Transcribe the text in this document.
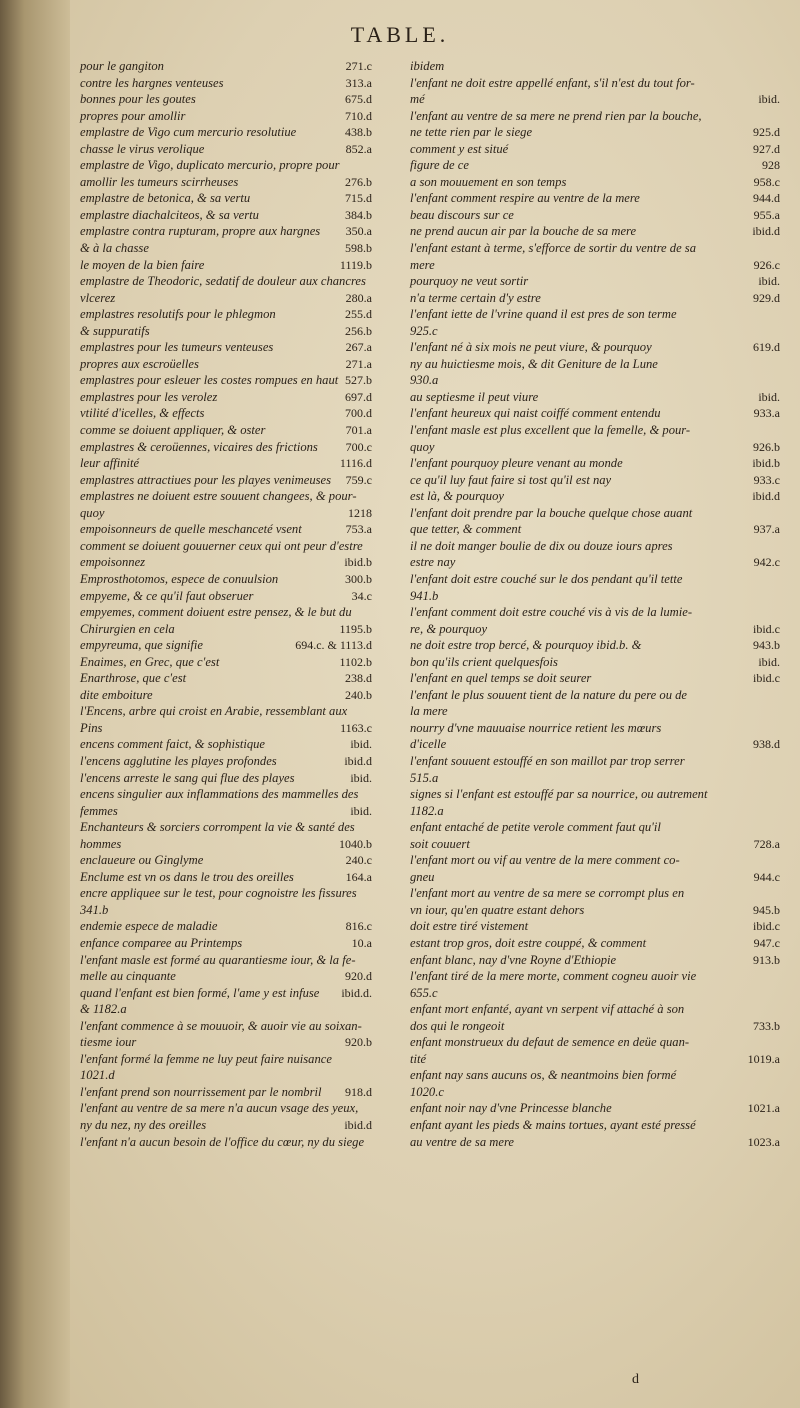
TABLE.
pour le gangiton	271.c
contre les hargnes venteuses	313.a
bonnes pour les goutes	675.d
propres pour amollir	710.d
emplastre de Vigo cum mercurio resolutiue	438.b
chasse le virus verolique	852.a
emplastre de Vigo, duplicato mercurio, propre pour
amollir les tumeurs scirrheuses	276.b
emplastre de betonica, & sa vertu	715.d
emplastre diachalciteos, & sa vertu	384.b
emplastre contra rupturam, propre aux hargnes 350.a
& à la chasse	598.b
le moyen de la bien faire	1119.b
emplastre de Theodoric, sedatif de douleur aux chancres
vlcerez	280.a
emplastres resolutifs pour le phlegmon	255.d
& suppuratifs	256.b
emplastres pour les tumeurs venteuses	267.a
propres aux escroüelles	271.a
emplastres pour esleuer les costes rompues en haut 527.b
emplastres pour les verolez	697.d
vtilité d'icelles, & effects	700.d
comme se doiuent appliquer, & oster	701.a
emplastres & ceroüennes, vicaires des frictions 700.c
leur affinité	1116.d
emplastres attractiues pour les playes venimeuses 759.c
emplastres ne doiuent estre souuent changees, & pour-
quoy	1218
empoisonneurs de quelle meschanceté vsent	753.a
comment se doiuent gouuerner ceux qui ont peur d'estre
empoisonnez	ibid.b
Emprosthotomos, espece de conuulsion	300.b
empyeme, & ce qu'il faut obseruer	34.c
empyemes, comment doiuent estre pensez, & le but du
Chirurgien en cela	1195.b
empyreuma, que signifie	694.c. & 1113.d
Enaimes, en Grec, que c'est	1102.b
Enarthrose, que c'est	238.d
dite emboiture	240.b
l'Encens, arbre qui croist en Arabie, ressemblant aux
Pins	1163.c
encens comment faict, & sophistique	ibid.
l'encens agglutine les playes profondes	ibid.d
l'encens arreste le sang qui flue des playes	ibid.
encens singulier aux inflammations des mammelles des
femmes	ibid.
Enchanteurs & sorciers corrompent la vie & santé des
hommes	1040.b
enclaueure ou Ginglyme	240.c
Enclume est vn os dans le trou des oreilles	164.a
encre appliquee sur le test, pour cognoistre les fissures
341.b
endemie espece de maladie	816.c
enfance comparee au Printemps	10.a
l'enfant masle est formé au quarantiesme iour, & la fe-
melle au cinquante	920.d
quand l'enfant est bien formé, l'ame y est infuse ibid.d.
& 1182.a
l'enfant commence à se mouuoir, & auoir vie au soixan-
tiesme iour	920.b
l'enfant formé la femme ne luy peut faire nuisance
1021.d
l'enfant prend son nourrissement par le nombril 918.d
l'enfant au ventre de sa mere n'a aucun vsage des yeux,
ny du nez, ny des oreilles	ibid.d
l'enfant n'a aucun besoin de l'office du cœur, ny du siege
ibidem
l'enfant ne doit estre appellé enfant, s'il n'est du tout for-
mé	ibid.
l'enfant au ventre de sa mere ne prend rien par la bouche,
ne tette rien par le siege	925.d
comment y est situé	927.d
figure de ce	928
a son mouuement en son temps	958.c
l'enfant comment respire au ventre de la mere	944.d
beau discours sur ce	955.a
ne prend aucun air par la bouche de sa mere	ibid.d
l'enfant estant à terme, s'efforce de sortir du ventre de sa
mere	926.c
pourquoy ne veut sortir	ibid.
n'a terme certain d'y estre	929.d
l'enfant iette de l'vrine quand il est pres de son terme
925.c
l'enfant né à six mois ne peut viure, & pourquoy	619.d
ny au huictiesme mois, & dit Geniture de la Lune
930.a
au septiesme il peut viure	ibid.
l'enfant heureux qui naist coiffé comment entendu	933.a
l'enfant masle est plus excellent que la femelle, & pour-
quoy	926.b
l'enfant pourquoy pleure venant au monde	ibid.b
ce qu'il luy faut faire si tost qu'il est nay	933.c
est là, & pourquoy	ibid.d
l'enfant doit prendre par la bouche quelque chose auant
que tetter, & comment	937.a
il ne doit manger boulie de dix ou douze iours apres
estre nay	942.c
l'enfant doit estre couché sur le dos pendant qu'il tette
941.b
l'enfant comment doit estre couché vis à vis de la lumie-
re, & pourquoy	ibid.c
ne doit estre trop bercé, & pourquoy ibid.b. &	943.b
bon qu'ils crient quelquesfois	ibid.
l'enfant en quel temps se doit seurer	ibid.c
l'enfant le plus souuent tient de la nature du pere ou de
la mere
nourry d'vne mauuaise nourrice retient les mœurs
d'icelle	938.d
l'enfant souuent estouffé en son maillot par trop serrer
515.a
signes si l'enfant est estouffé par sa nourrice, ou autrement
1182.a
enfant entaché de petite verole comment faut qu'il
soit couuert	728.a
l'enfant mort ou vif au ventre de la mere comment co-
gneu	944.c
l'enfant mort au ventre de sa mere se corrompt plus en
vn iour, qu'en quatre estant dehors	945.b
doit estre tiré vistement	ibid.c
estant trop gros, doit estre couppé, & comment	947.c
enfant blanc, nay d'vne Royne d'Ethiopie	913.b
l'enfant tiré de la mere morte, comment cogneu auoir vie
655.c
enfant mort enfanté, ayant vn serpent vif attaché à son
dos qui le rongeoit	733.b
enfant monstrueux du defaut de semence en deüe quan-
tité	1019.a
enfant nay sans aucuns os, & neantmoins bien formé
1020.c
enfant noir nay d'vne Princesse blanche	1021.a
enfant ayant les pieds & mains tortues, ayant esté pressé
au ventre de sa mere	1023.a
d
